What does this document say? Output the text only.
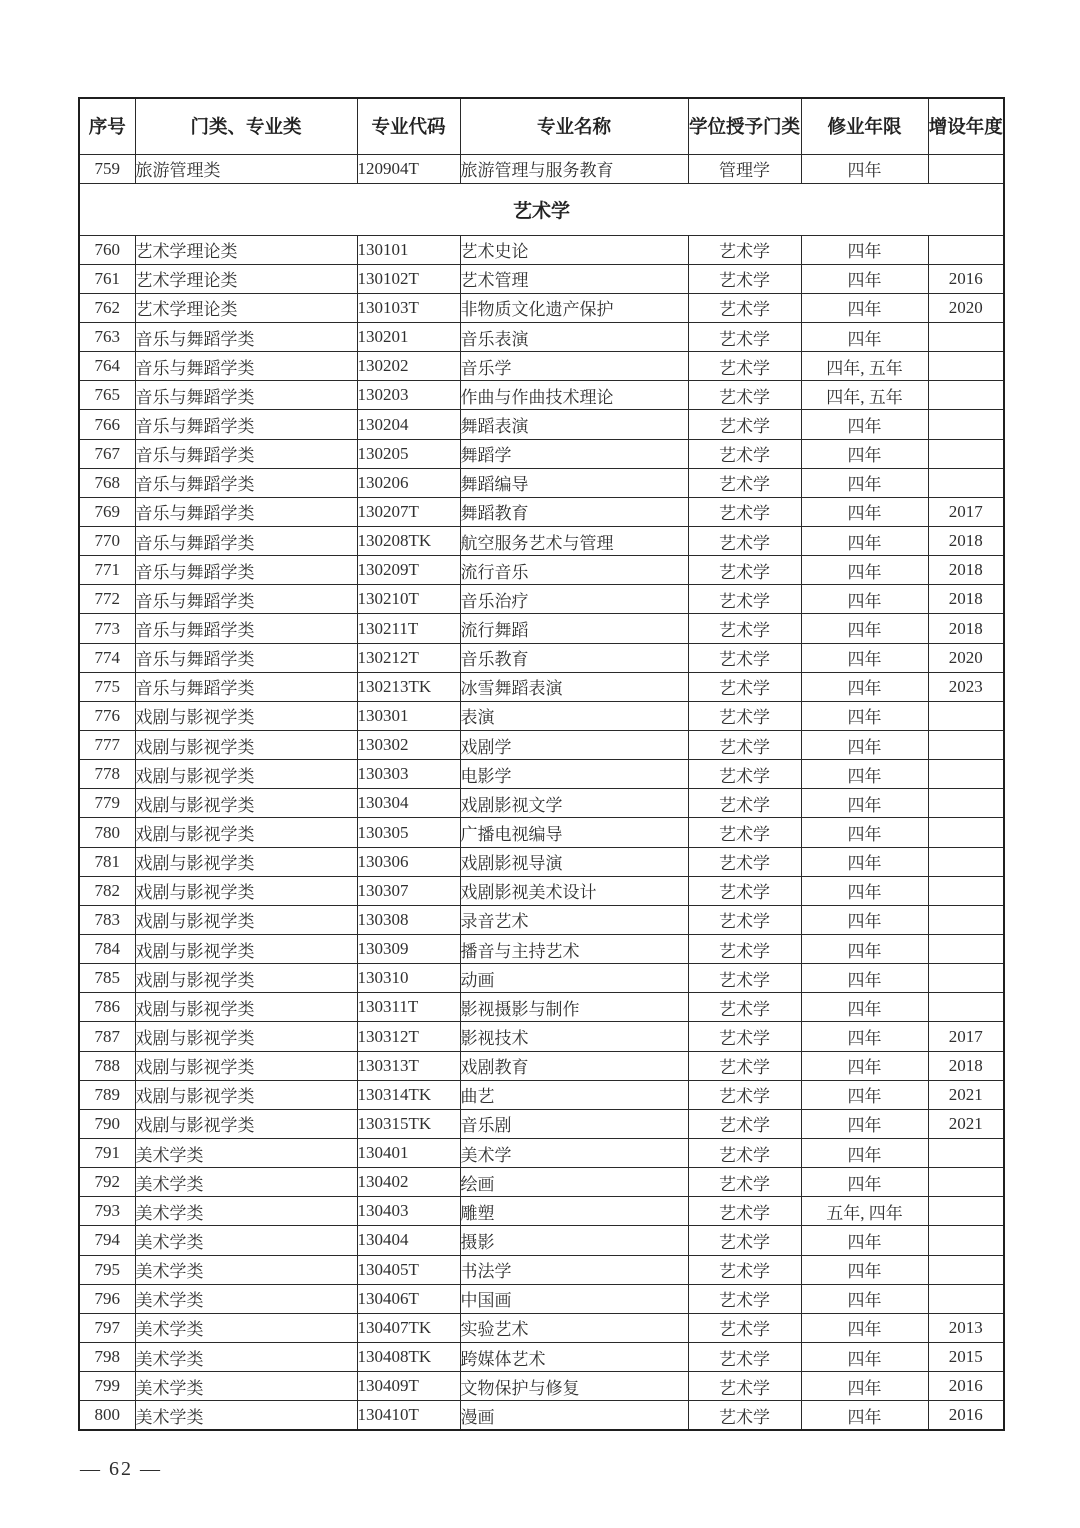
序号	门类、专业类	专业代码	专业名称	学位授予门类	修业年限	增设年度
759	旅游管理类	120904T	旅游管理与服务教育	管理学	四年	
艺术学						
760	艺术学理论类	130101	艺术史论	艺术学	四年	
761	艺术学理论类	130102T	艺术管理	艺术学	四年	2016
762	艺术学理论类	130103T	非物质文化遗产保护	艺术学	四年	2020
763	音乐与舞蹈学类	130201	音乐表演	艺术学	四年	
764	音乐与舞蹈学类	130202	音乐学	艺术学	四年, 五年	
765	音乐与舞蹈学类	130203	作曲与作曲技术理论	艺术学	四年, 五年	
766	音乐与舞蹈学类	130204	舞蹈表演	艺术学	四年	
767	音乐与舞蹈学类	130205	舞蹈学	艺术学	四年	
768	音乐与舞蹈学类	130206	舞蹈编导	艺术学	四年	
769	音乐与舞蹈学类	130207T	舞蹈教育	艺术学	四年	2017
770	音乐与舞蹈学类	130208TK	航空服务艺术与管理	艺术学	四年	2018
771	音乐与舞蹈学类	130209T	流行音乐	艺术学	四年	2018
772	音乐与舞蹈学类	130210T	音乐治疗	艺术学	四年	2018
773	音乐与舞蹈学类	130211T	流行舞蹈	艺术学	四年	2018
774	音乐与舞蹈学类	130212T	音乐教育	艺术学	四年	2020
775	音乐与舞蹈学类	130213TK	冰雪舞蹈表演	艺术学	四年	2023
776	戏剧与影视学类	130301	表演	艺术学	四年	
777	戏剧与影视学类	130302	戏剧学	艺术学	四年	
778	戏剧与影视学类	130303	电影学	艺术学	四年	
779	戏剧与影视学类	130304	戏剧影视文学	艺术学	四年	
780	戏剧与影视学类	130305	广播电视编导	艺术学	四年	
781	戏剧与影视学类	130306	戏剧影视导演	艺术学	四年	
782	戏剧与影视学类	130307	戏剧影视美术设计	艺术学	四年	
783	戏剧与影视学类	130308	录音艺术	艺术学	四年	
784	戏剧与影视学类	130309	播音与主持艺术	艺术学	四年	
785	戏剧与影视学类	130310	动画	艺术学	四年	
786	戏剧与影视学类	130311T	影视摄影与制作	艺术学	四年	
787	戏剧与影视学类	130312T	影视技术	艺术学	四年	2017
788	戏剧与影视学类	130313T	戏剧教育	艺术学	四年	2018
789	戏剧与影视学类	130314TK	曲艺	艺术学	四年	2021
790	戏剧与影视学类	130315TK	音乐剧	艺术学	四年	2021
791	美术学类	130401	美术学	艺术学	四年	
792	美术学类	130402	绘画	艺术学	四年	
793	美术学类	130403	雕塑	艺术学	五年, 四年	
794	美术学类	130404	摄影	艺术学	四年	
795	美术学类	130405T	书法学	艺术学	四年	
796	美术学类	130406T	中国画	艺术学	四年	
797	美术学类	130407TK	实验艺术	艺术学	四年	2013
798	美术学类	130408TK	跨媒体艺术	艺术学	四年	2015
799	美术学类	130409T	文物保护与修复	艺术学	四年	2016
800	美术学类	130410T	漫画	艺术学	四年	2016
— 62 —
